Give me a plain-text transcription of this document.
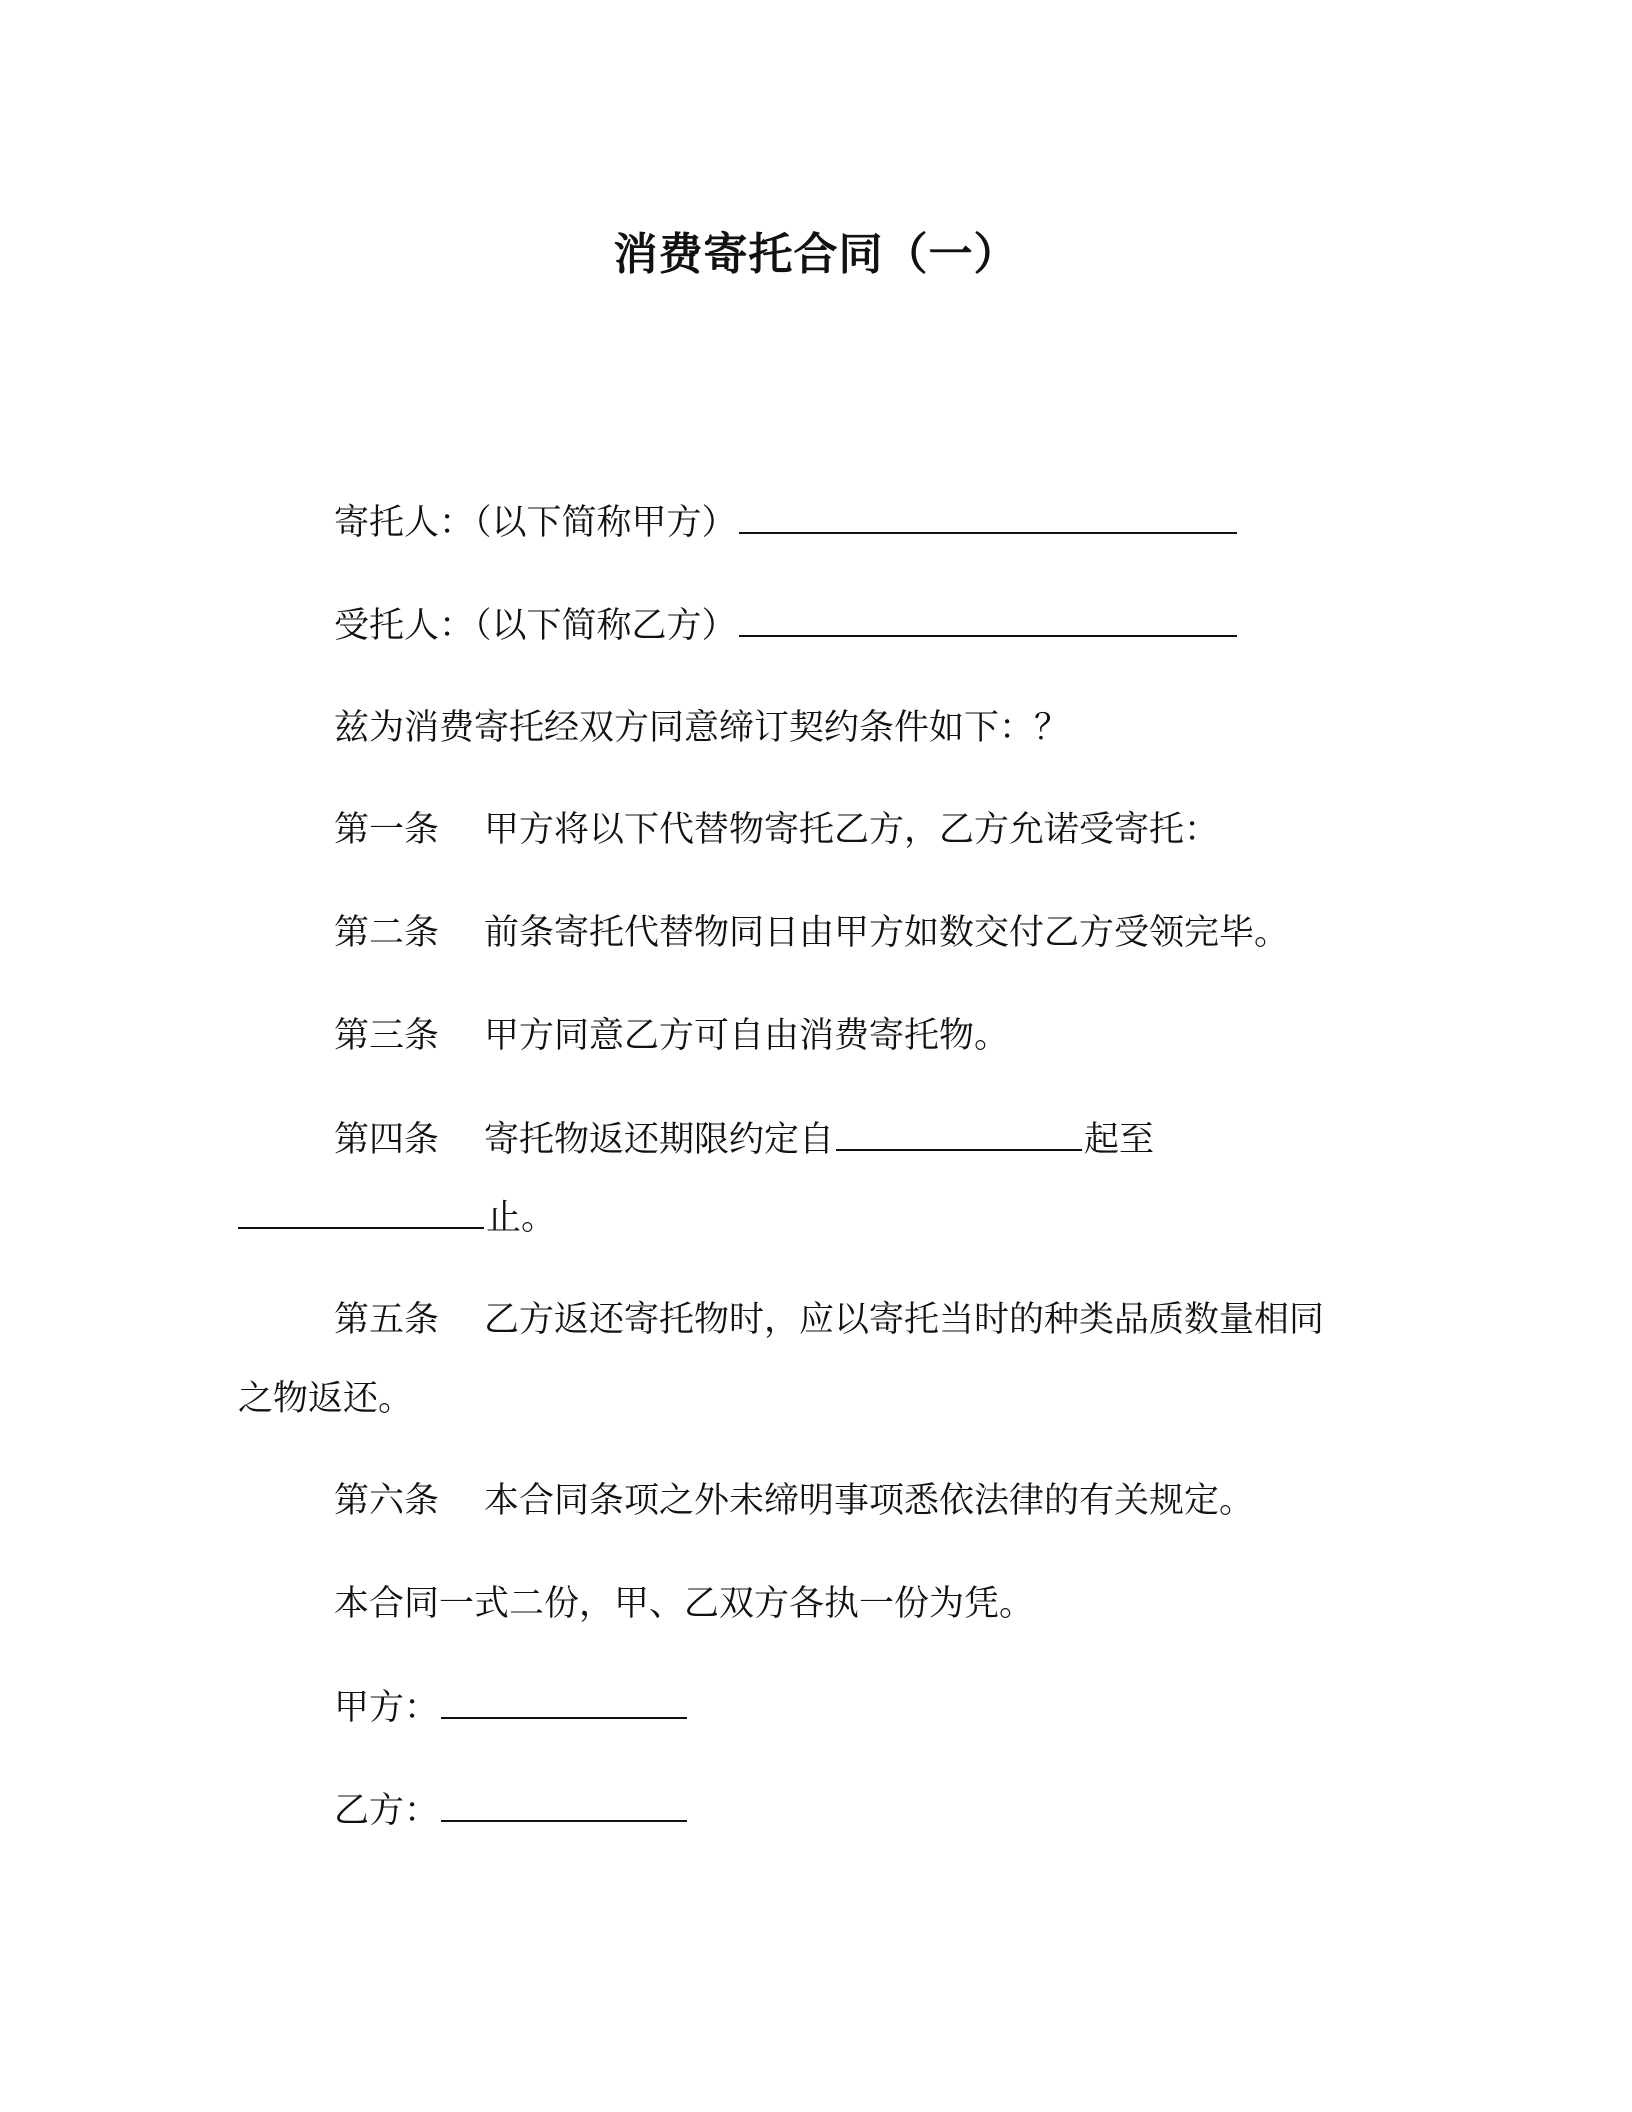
消费寄托合同（一）
寄托人：（以下简称甲方）
受托人：（以下简称乙方）
兹为消费寄托经双方同意缔订契约条件如下：？
第一条 甲方将以下代替物寄托乙方，乙方允诺受寄托：
第二条 前条寄托代替物同日由甲方如数交付乙方受领完毕。
第三条 甲方同意乙方可自由消费寄托物。
第四条 寄托物返还期限约定自	起至
止。
第五条 乙方返还寄托物时，应以寄托当时的种类品质数量相同
之物返还。
第六条 本合同条项之外未缔明事项悉依法律的有关规定。
本合同一式二份，甲、乙双方各执一份为凭。
甲方：
乙方：
